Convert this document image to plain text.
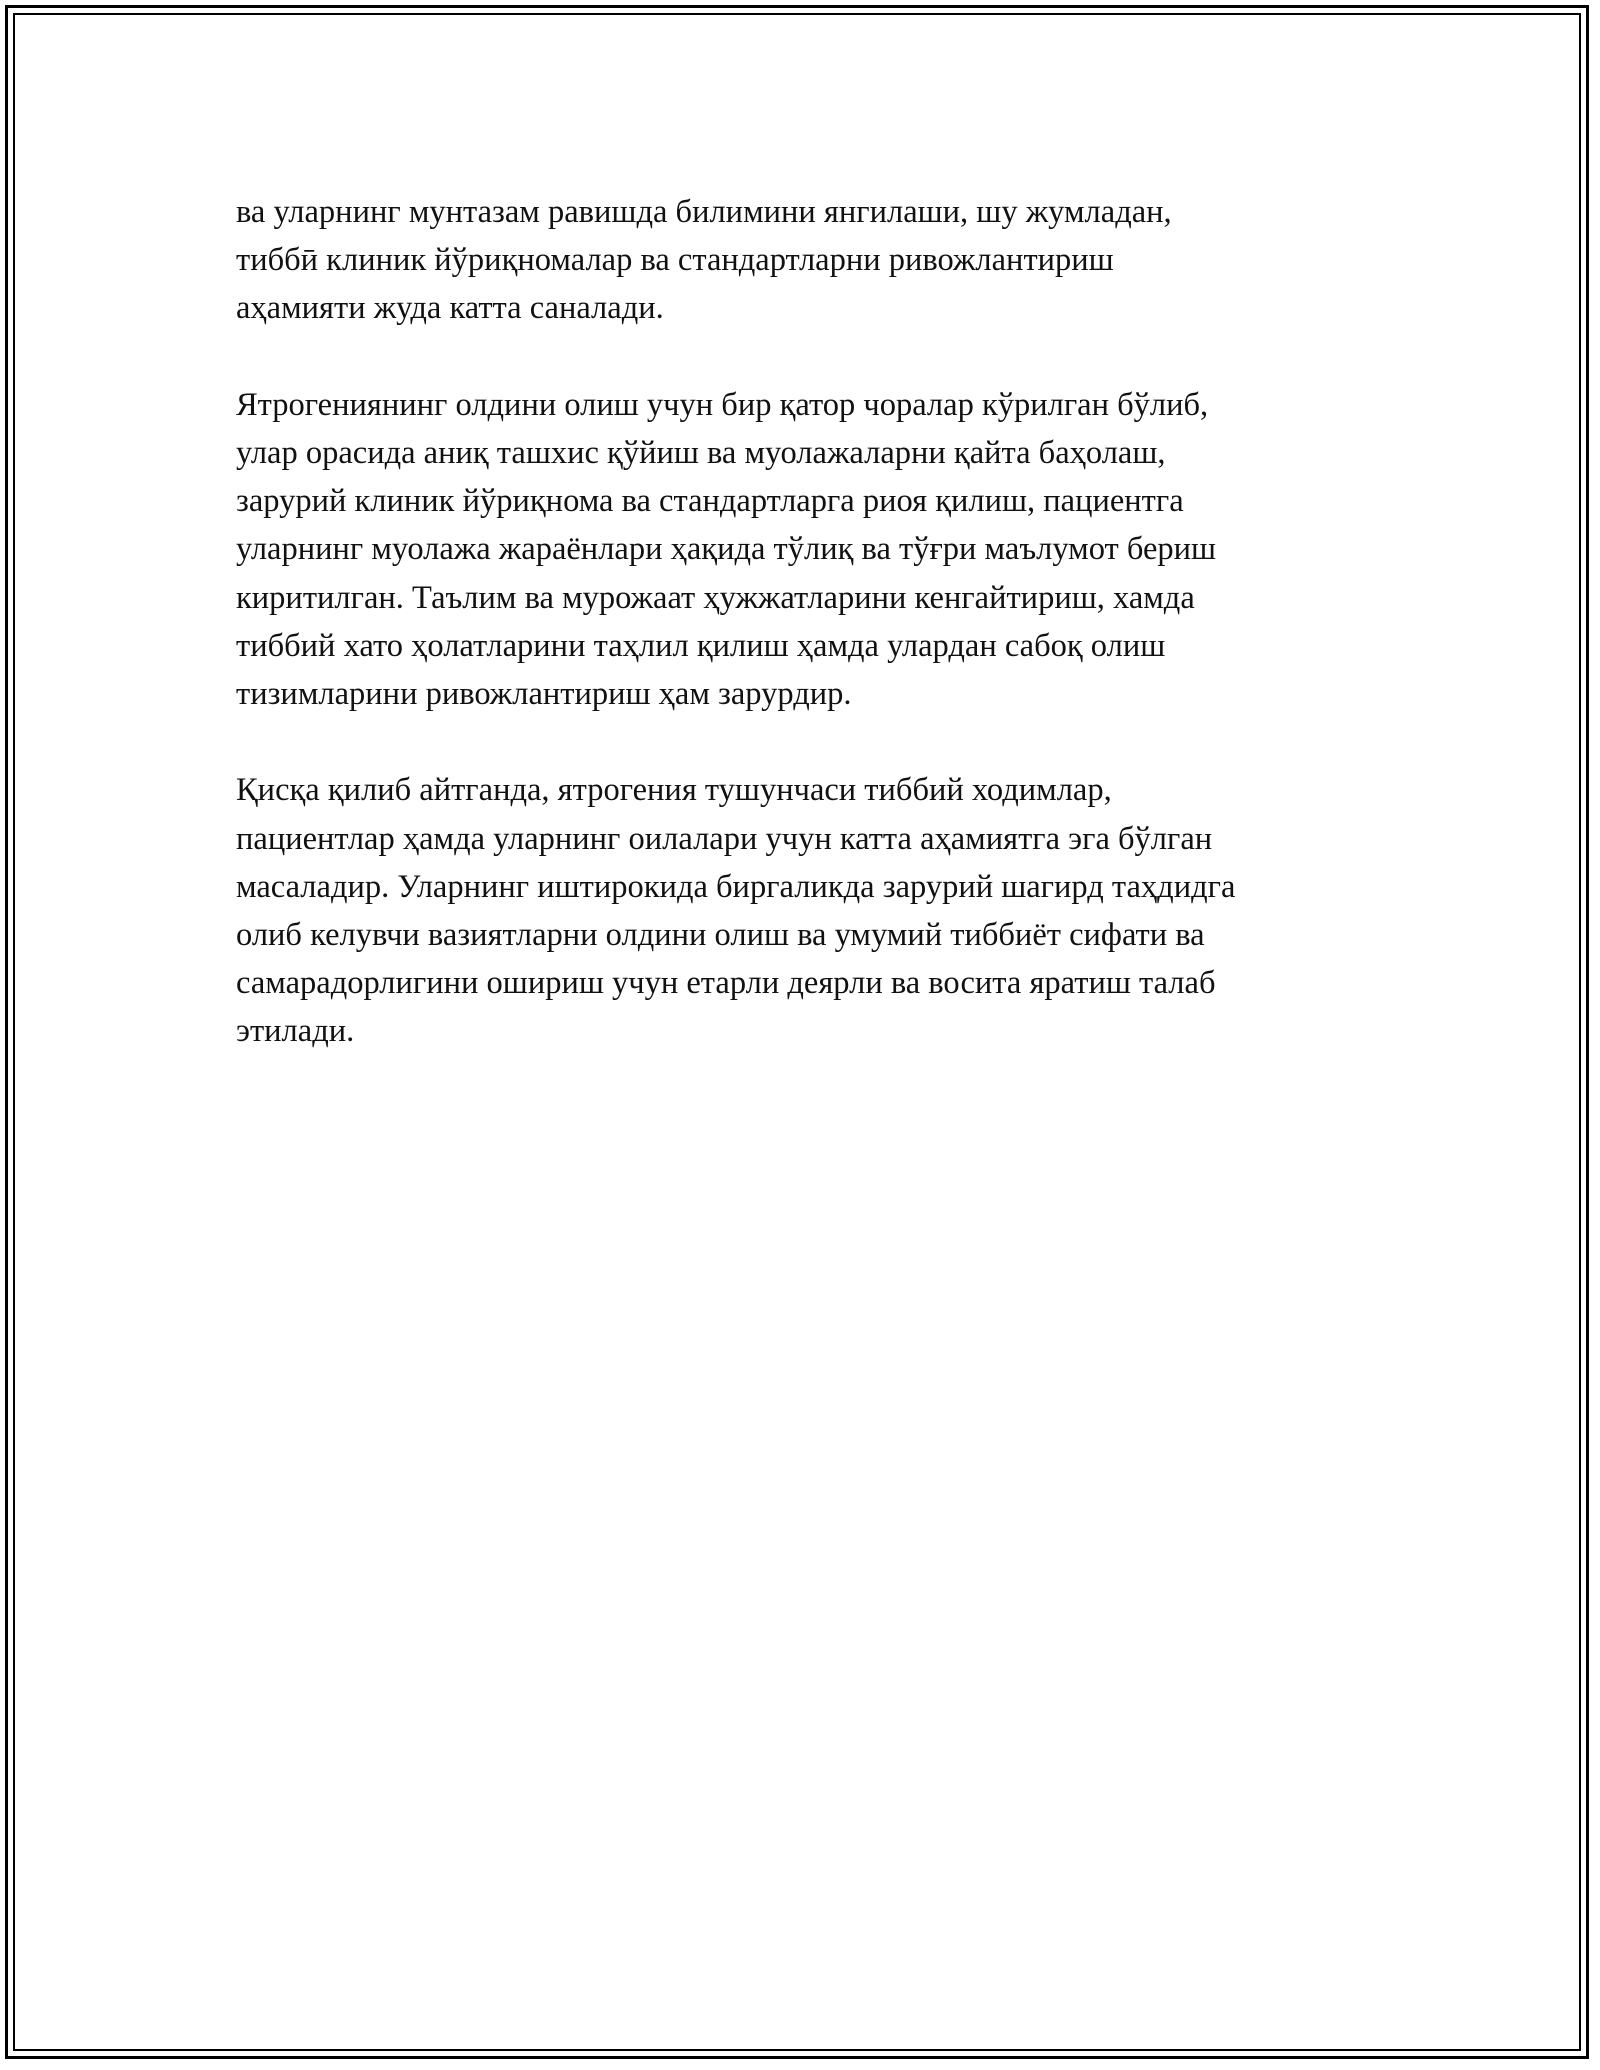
ва уларнинг мунтазам равишда билимини янгилаши, шу жумладан,
тиббӣ клиник йўриқномалар ва стандартларни ривожлантириш
аҳамияти жуда катта саналади.

Ятрогениянинг олдини олиш учун бир қатор чоралар кўрилган бўлиб,
улар орасида аниқ ташхис қўйиш ва муолажаларни қайта баҳолаш,
зарурий клиник йўриқнома ва стандартларга риоя қилиш, пациентга
уларнинг муолажа жараёнлари ҳақида тўлиқ ва тўғри маълумот бериш
киритилган. Таълим ва мурожаат ҳужжатларини кенгайтириш, хамда
тиббий хато ҳолатларини таҳлил қилиш ҳамда улардан сабоқ олиш
тизимларини ривожлантириш ҳам зарурдир.

Қисқа қилиб айтганда, ятрогения тушунчаси тиббий ходимлар,
пациентлар ҳамда уларнинг оилалари учун катта аҳамиятга эга бўлган
масаладир. Уларнинг иштирокида биргаликда зарурий шагирд таҳдидга
олиб келувчи вазиятларни олдини олиш ва умумий тиббиёт сифати ва
самарадорлигини ошириш учун етарли деярли ва восита яратиш талаб
этилади.
